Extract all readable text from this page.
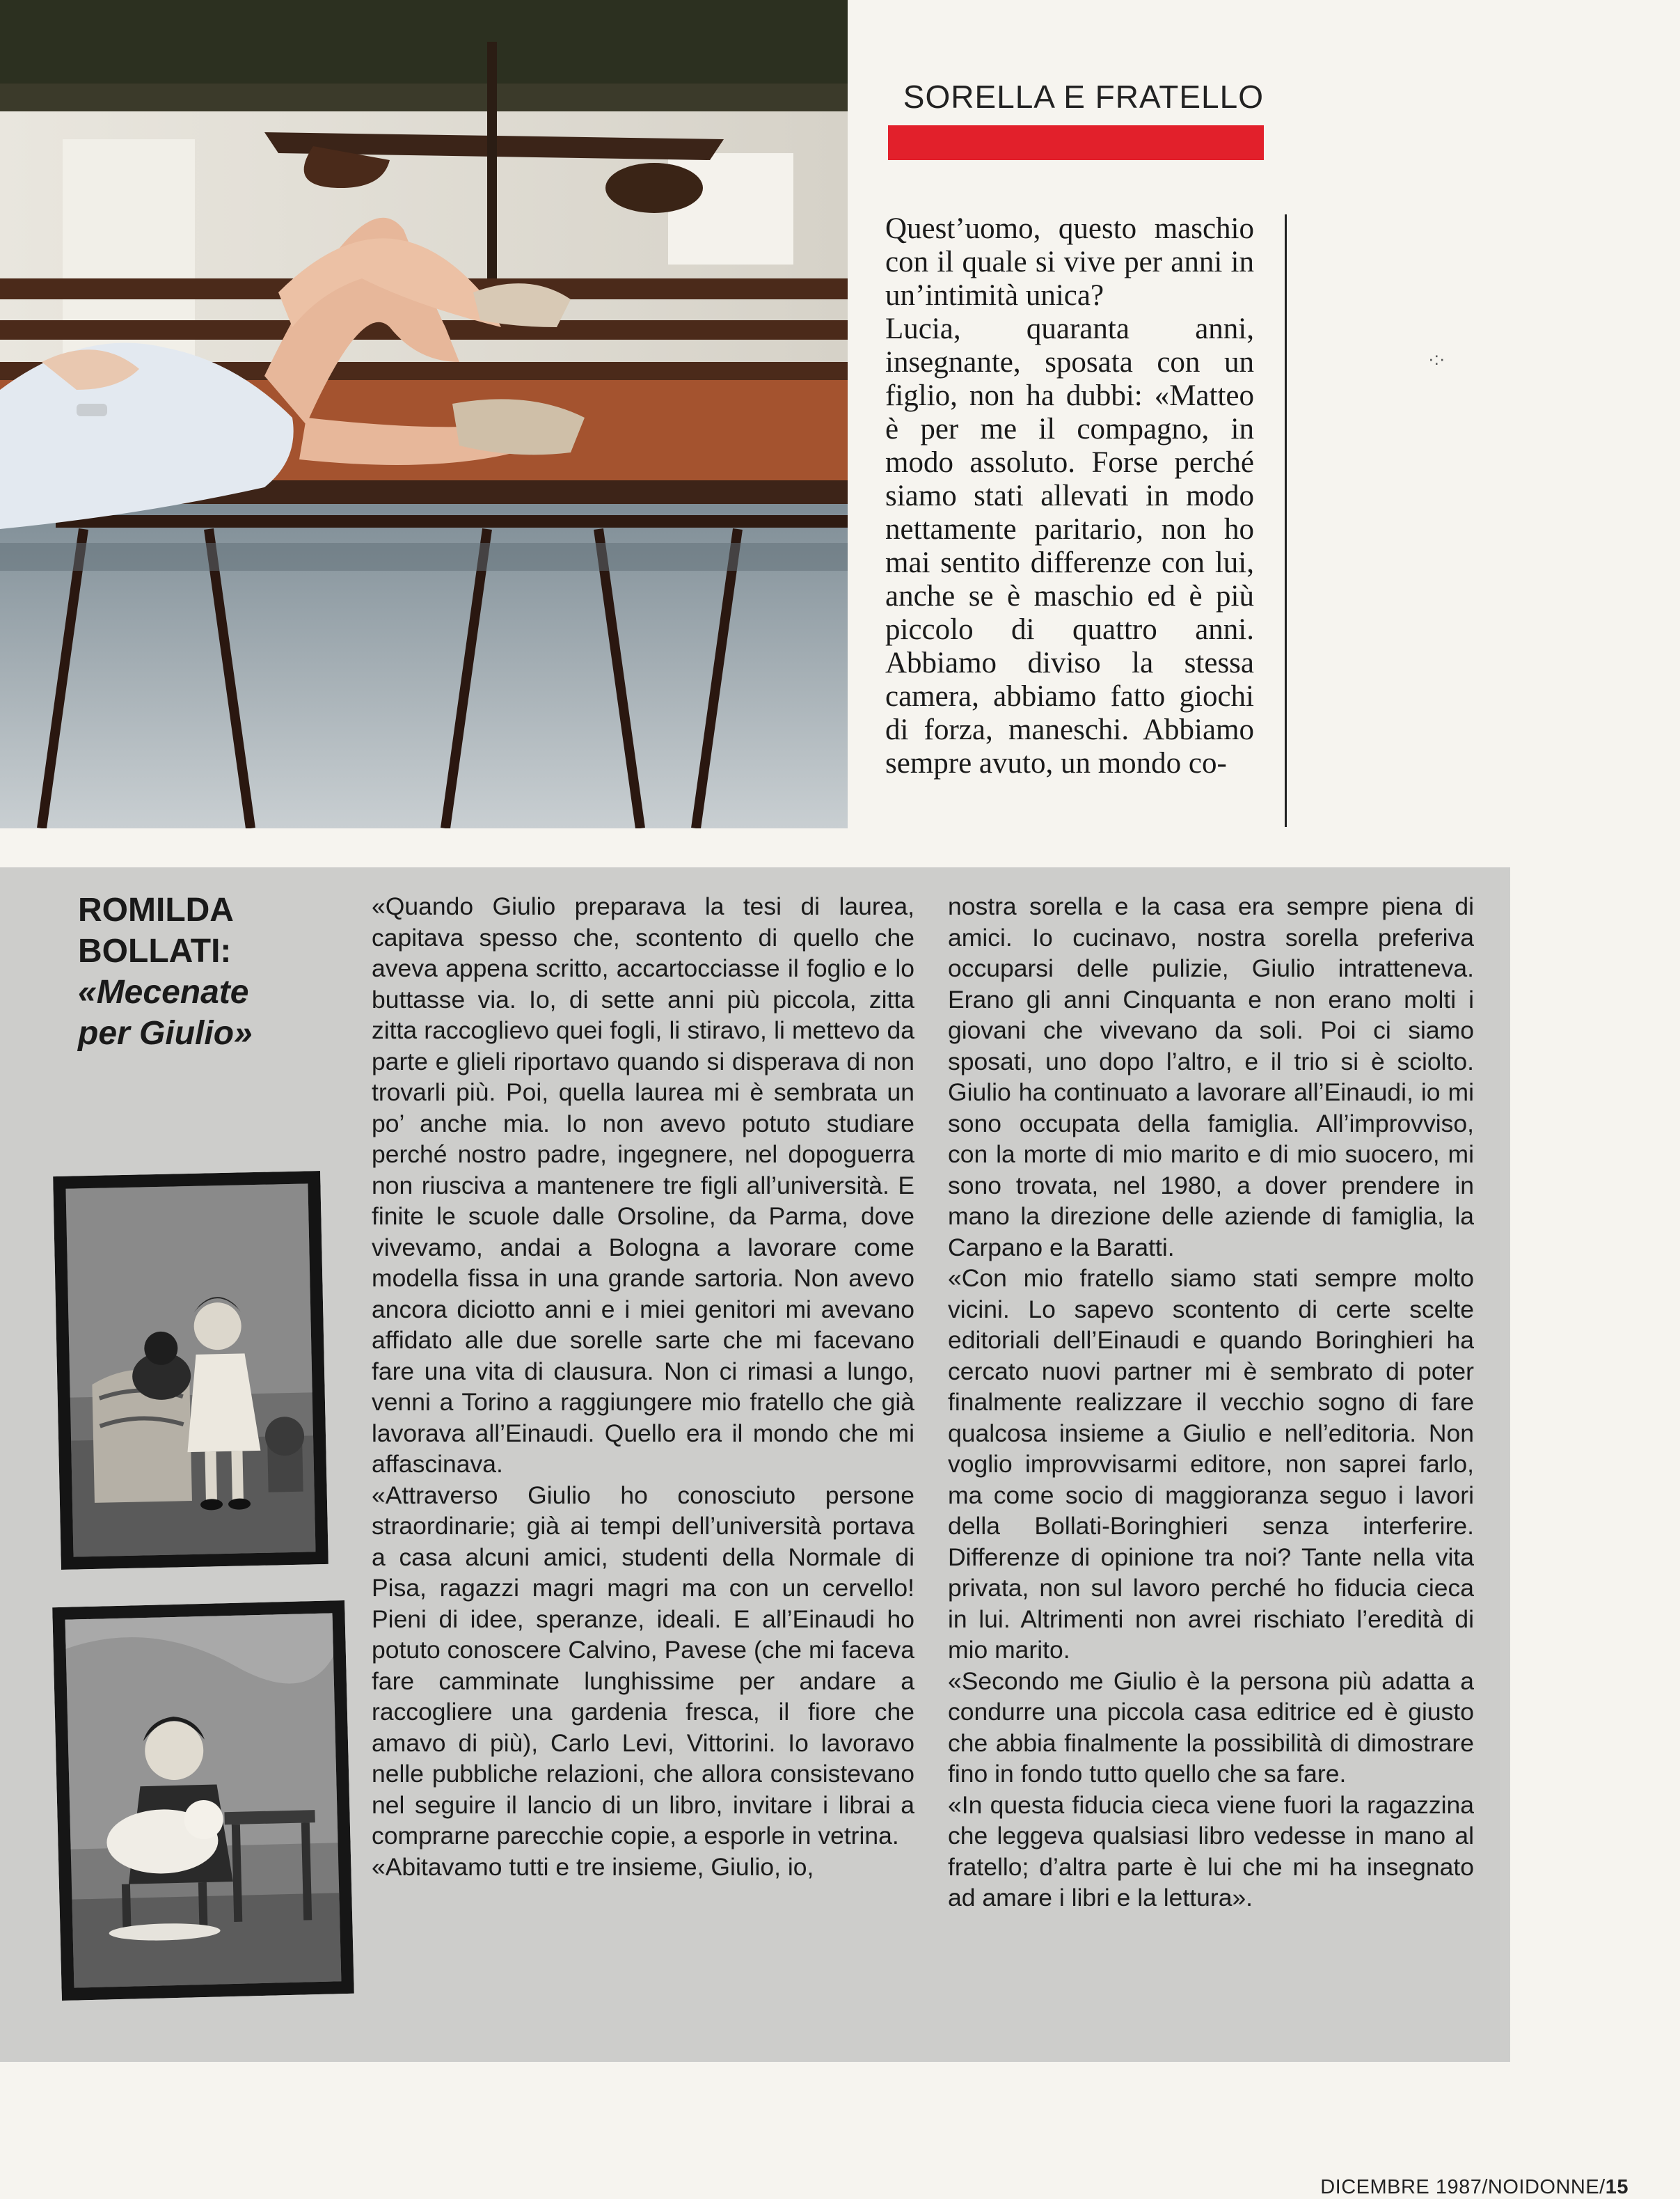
SORELLA E FRATELLO

Quest’uomo, questo maschio con il quale si vive per anni in un’intimità unica?

Lucia, quaranta anni, insegnante, sposata con un figlio, non ha dubbi: «Matteo è per me il compagno, in modo assoluto. Forse perché siamo stati allevati in modo nettamente paritario, non ho mai sentito differenze con lui, anche se è maschio ed è più piccolo di quattro anni. Abbiamo diviso la stessa camera, abbiamo fatto giochi di forza, maneschi. Abbiamo sempre avuto, un mondo co-

·:·
ROMILDA BOLLATI:
«Mecenate per Giulio»

«Quando Giulio preparava la tesi di laurea, capitava spesso che, scontento di quello che aveva appena scritto, accartocciasse il foglio e lo buttasse via. Io, di sette anni più piccola, zitta zitta raccoglievo quei fogli, li stiravo, li mettevo da parte e glieli riportavo quando si disperava di non trovarli più. Poi, quella laurea mi è sembrata un po’ anche mia. Io non avevo potuto studiare perché nostro padre, ingegnere, nel dopoguerra non riusciva a mantenere tre figli all’università. E finite le scuole dalle Orsoline, da Parma, dove vivevamo, andai a Bologna a lavorare come modella fissa in una grande sartoria. Non avevo ancora diciotto anni e i miei genitori mi avevano affidato alle due sorelle sarte che mi facevano fare una vita di clausura. Non ci rimasi a lungo, venni a Torino a raggiungere mio fratello che già lavorava all’Einaudi. Quello era il mondo che mi affascinava.

«Attraverso Giulio ho conosciuto persone straordinarie; già ai tempi dell’università portava a casa alcuni amici, studenti della Normale di Pisa, ragazzi magri magri ma con un cervello! Pieni di idee, speranze, ideali. E all’Einaudi ho potuto conoscere Calvino, Pavese (che mi faceva fare camminate lunghissime per andare a raccogliere una gardenia fresca, il fiore che amavo di più), Carlo Levi, Vittorini. Io lavoravo nelle pubbliche relazioni, che allora consistevano nel seguire il lancio di un libro, invitare i librai a comprarne parecchie copie, a esporle in vetrina.

«Abitavamo tutti e tre insieme, Giulio, io,

nostra sorella e la casa era sempre piena di amici. Io cucinavo, nostra sorella preferiva occuparsi delle pulizie, Giulio intratteneva. Erano gli anni Cinquanta e non erano molti i giovani che vivevano da soli. Poi ci siamo sposati, uno dopo l’altro, e il trio si è sciolto. Giulio ha continuato a lavorare all’Einaudi, io mi sono occupata della famiglia. All’improvviso, con la morte di mio marito e di mio suocero, mi sono trovata, nel 1980, a dover prendere in mano la direzione delle aziende di famiglia, la Carpano e la Baratti.

«Con mio fratello siamo stati sempre molto vicini. Lo sapevo scontento di certe scelte editoriali dell’Einaudi e quando Boringhieri ha cercato nuovi partner mi è sembrato di poter finalmente realizzare il vecchio sogno di fare qualcosa insieme a Giulio e nell’editoria. Non voglio improvvisarmi editore, non saprei farlo, ma come socio di maggioranza seguo i lavori della Bollati-Boringhieri senza interferire. Differenze di opinione tra noi? Tante nella vita privata, non sul lavoro perché ho fiducia cieca in lui. Altrimenti non avrei rischiato l’eredità di mio marito.

«Secondo me Giulio è la persona più adatta a condurre una piccola casa editrice ed è giusto che abbia finalmente la possibilità di dimostrare fino in fondo tutto quello che sa fare.

«In questa fiducia cieca viene fuori la ragazzina che leggeva qualsiasi libro vedesse in mano al fratello; d’altra parte è lui che mi ha insegnato ad amare i libri e la lettura».

DICEMBRE 1987/NOIDONNE/15
